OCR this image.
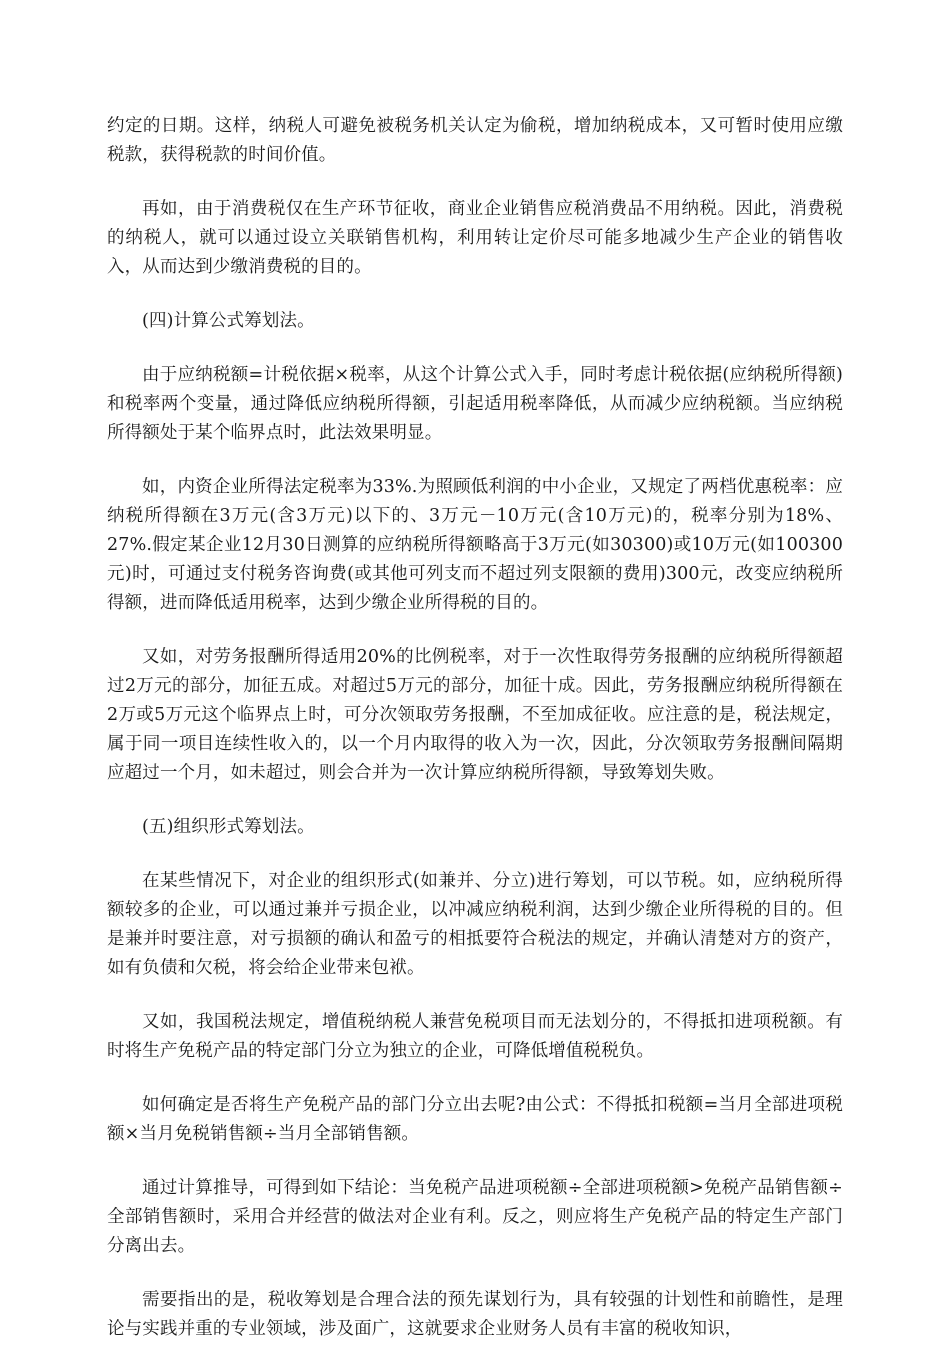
约定的日期。这样，纳税人可避免被税务机关认定为偷税，增加纳税成本，又可暂时使用应缴税款，获得税款的时间价值。

再如，由于消费税仅在生产环节征收，商业企业销售应税消费品不用纳税。因此，消费税的纳税人，就可以通过设立关联销售机构，利用转让定价尽可能多地减少生产企业的销售收入，从而达到少缴消费税的目的。

(四)计算公式筹划法。

由于应纳税额=计税依据×税率，从这个计算公式入手，同时考虑计税依据(应纳税所得额)和税率两个变量，通过降低应纳税所得额，引起适用税率降低，从而减少应纳税额。当应纳税所得额处于某个临界点时，此法效果明显。

如，内资企业所得法定税率为33%.为照顾低利润的中小企业，又规定了两档优惠税率：应纳税所得额在3万元(含3万元)以下的、3万元－10万元(含10万元)的，税率分别为18%、27%.假定某企业12月30日测算的应纳税所得额略高于3万元(如30300)或10万元(如100300元)时，可通过支付税务咨询费(或其他可列支而不超过列支限额的费用)300元，改变应纳税所得额，进而降低适用税率，达到少缴企业所得税的目的。

又如，对劳务报酬所得适用20%的比例税率，对于一次性取得劳务报酬的应纳税所得额超过2万元的部分，加征五成。对超过5万元的部分，加征十成。因此，劳务报酬应纳税所得额在2万或5万元这个临界点上时，可分次领取劳务报酬，不至加成征收。应注意的是，税法规定，属于同一项目连续性收入的，以一个月内取得的收入为一次，因此，分次领取劳务报酬间隔期应超过一个月，如未超过，则会合并为一次计算应纳税所得额，导致筹划失败。

(五)组织形式筹划法。

在某些情况下，对企业的组织形式(如兼并、分立)进行筹划，可以节税。如，应纳税所得额较多的企业，可以通过兼并亏损企业，以冲减应纳税利润，达到少缴企业所得税的目的。但是兼并时要注意，对亏损额的确认和盈亏的相抵要符合税法的规定，并确认清楚对方的资产，如有负债和欠税，将会给企业带来包袱。

又如，我国税法规定，增值税纳税人兼营免税项目而无法划分的，不得抵扣进项税额。有时将生产免税产品的特定部门分立为独立的企业，可降低增值税税负。

如何确定是否将生产免税产品的部门分立出去呢?由公式：不得抵扣税额=当月全部进项税额×当月免税销售额÷当月全部销售额。

通过计算推导，可得到如下结论：当免税产品进项税额÷全部进项税额>免税产品销售额÷全部销售额时，采用合并经营的做法对企业有利。反之，则应将生产免税产品的特定生产部门分离出去。

需要指出的是，税收筹划是合理合法的预先谋划行为，具有较强的计划性和前瞻性，是理论与实践并重的专业领域，涉及面广，这就要求企业财务人员有丰富的税收知识，
